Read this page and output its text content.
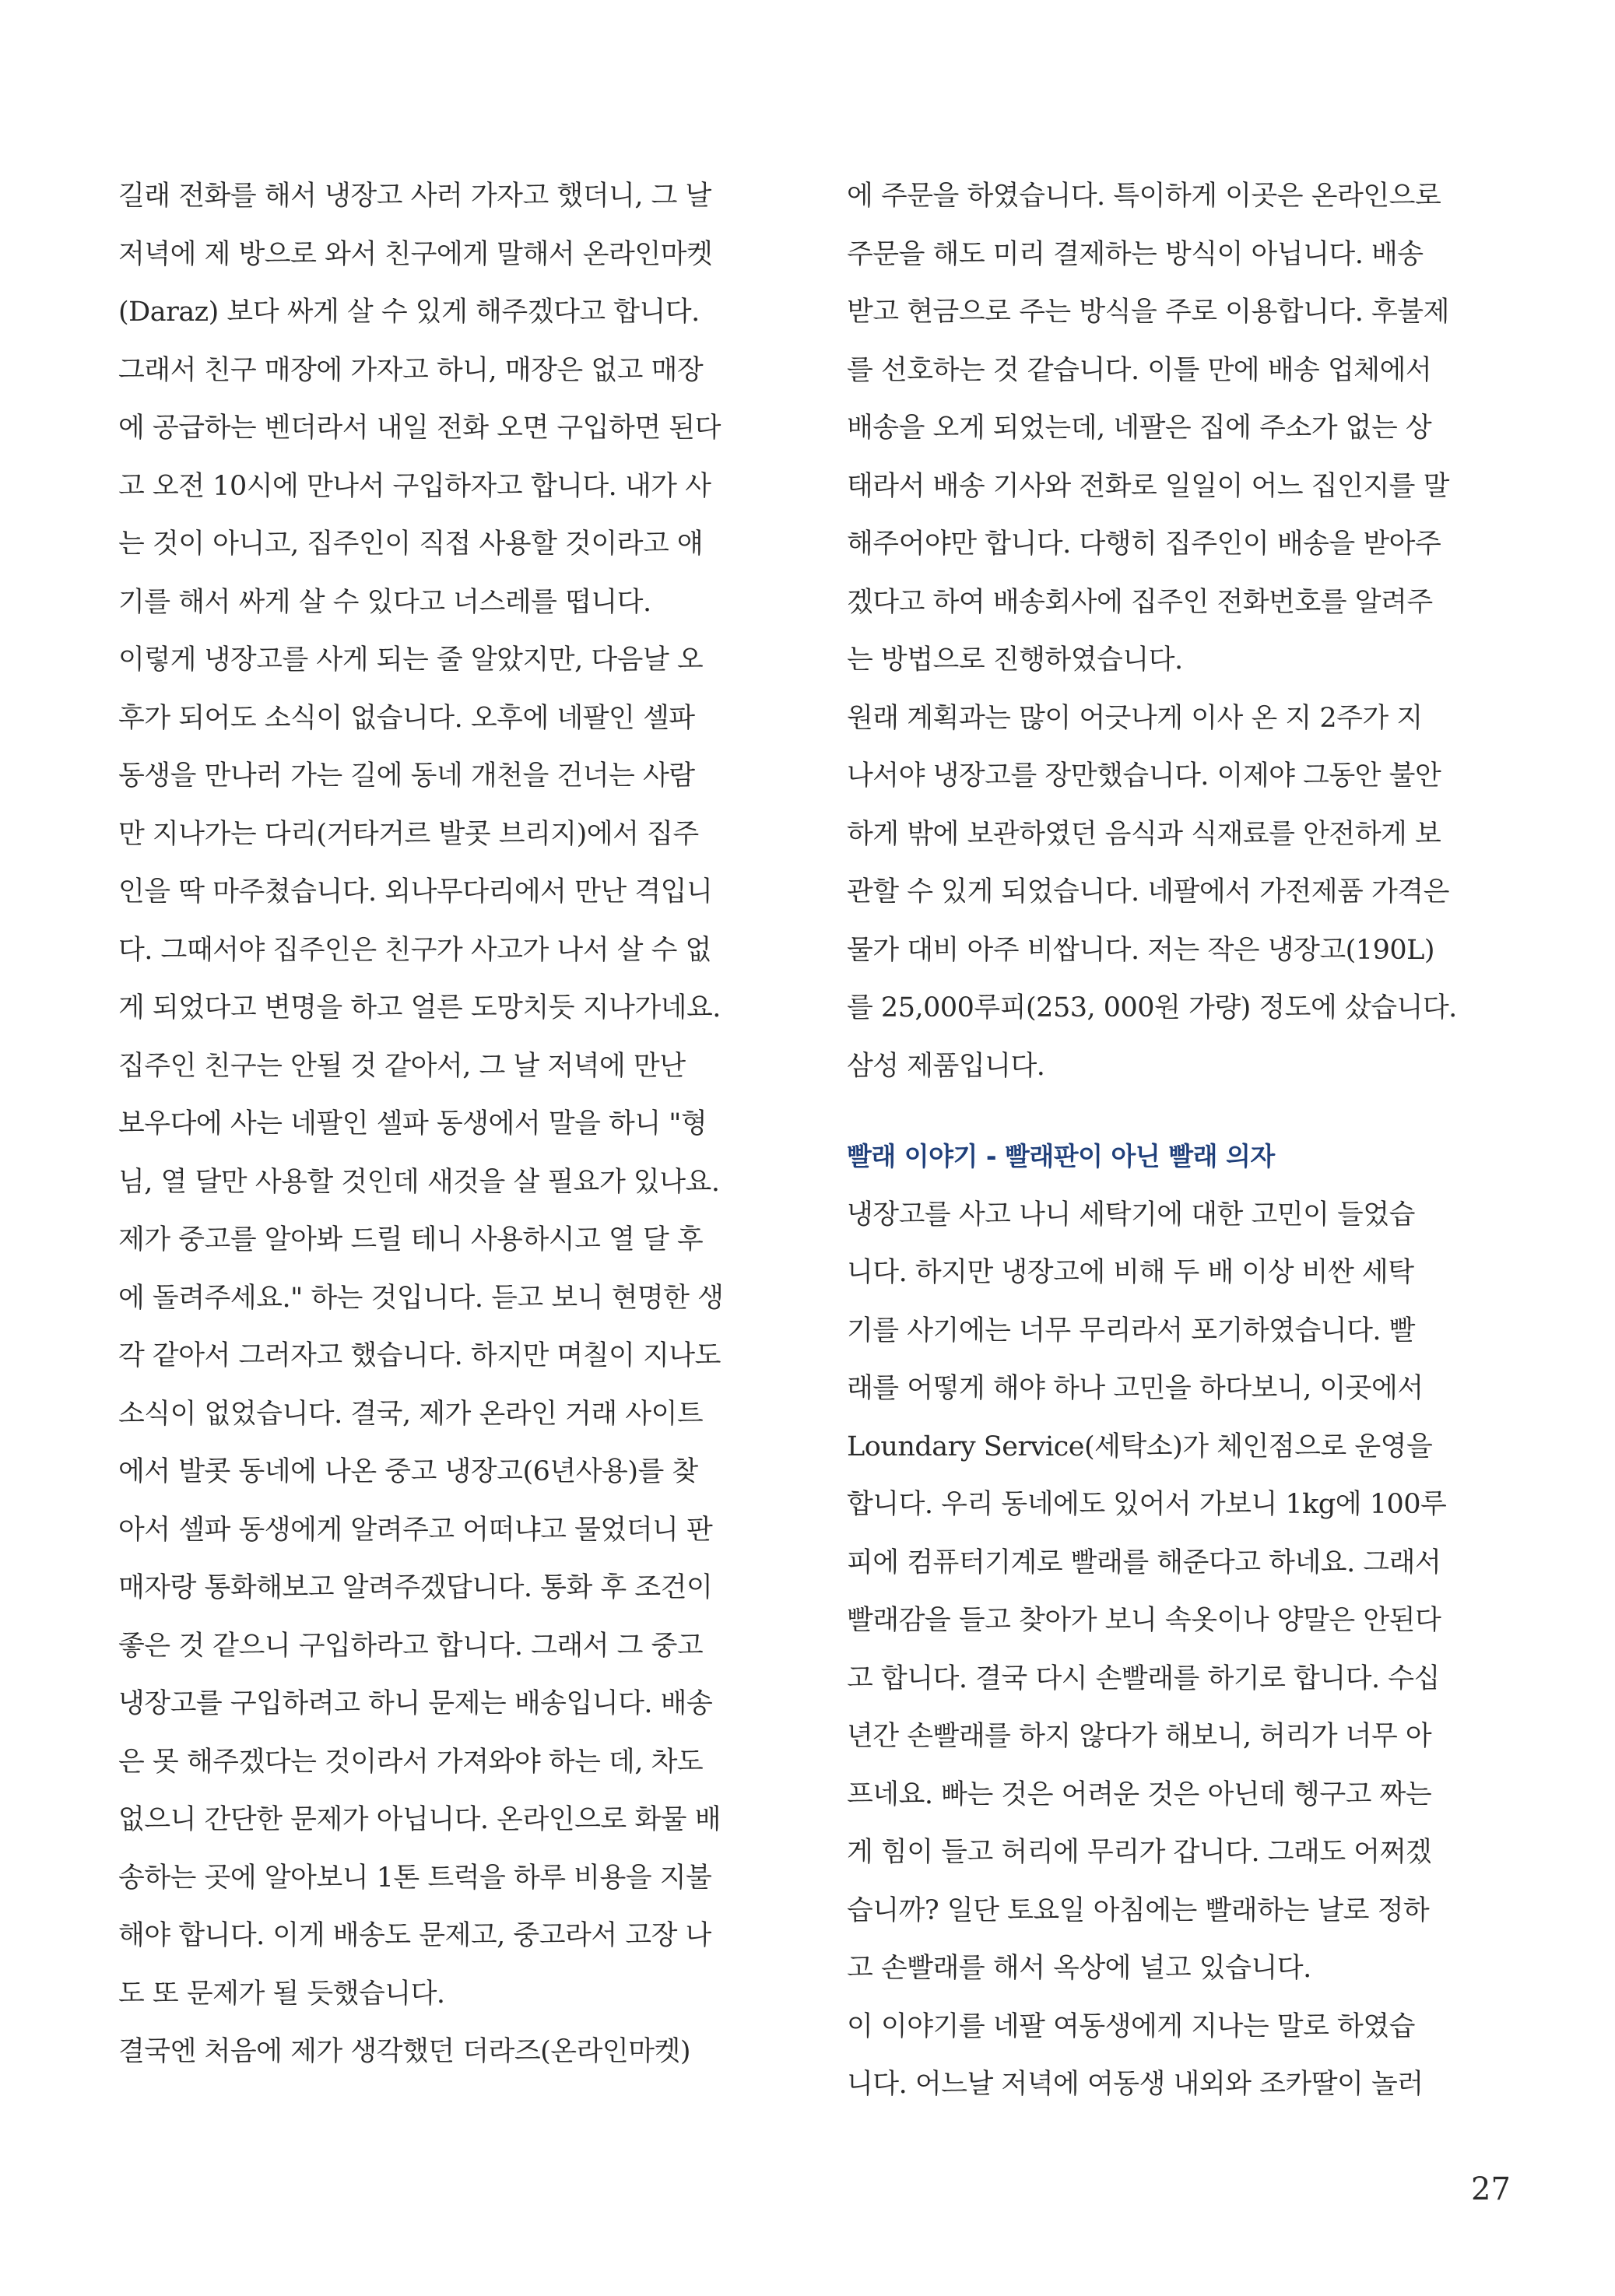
길래 전화를 해서 냉장고 사러 가자고 했더니, 그 날
저녁에 제 방으로 와서 친구에게 말해서 온라인마켓
(Daraz) 보다 싸게 살 수 있게 해주겠다고 합니다.
그래서 친구 매장에 가자고 하니, 매장은 없고 매장
에 공급하는 벤더라서 내일 전화 오면 구입하면 된다
고 오전 10시에 만나서 구입하자고 합니다. 내가 사
는 것이 아니고, 집주인이 직접 사용할 것이라고 얘
기를 해서 싸게 살 수 있다고 너스레를 떱니다.
이렇게 냉장고를 사게 되는 줄 알았지만, 다음날 오
후가 되어도 소식이 없습니다. 오후에 네팔인 셀파
동생을 만나러 가는 길에 동네 개천을 건너는 사람
만 지나가는 다리(거타거르 발콧 브리지)에서 집주
인을 딱 마주쳤습니다. 외나무다리에서 만난 격입니
다. 그때서야 집주인은 친구가 사고가 나서 살 수 없
게 되었다고 변명을 하고 얼른 도망치듯 지나가네요.
집주인 친구는 안될 것 같아서, 그 날 저녁에 만난
보우다에 사는 네팔인 셀파 동생에서 말을 하니 "형
님, 열 달만 사용할 것인데 새것을 살 필요가 있나요.
제가 중고를 알아봐 드릴 테니 사용하시고 열 달 후
에 돌려주세요." 하는 것입니다. 듣고 보니 현명한 생
각 같아서 그러자고 했습니다. 하지만 며칠이 지나도
소식이 없었습니다. 결국, 제가 온라인 거래 사이트
에서 발콧 동네에 나온 중고 냉장고(6년사용)를 찾
아서 셀파 동생에게 알려주고 어떠냐고 물었더니 판
매자랑 통화해보고 알려주겠답니다. 통화 후 조건이
좋은 것 같으니 구입하라고 합니다. 그래서 그 중고
냉장고를 구입하려고 하니 문제는 배송입니다. 배송
은 못 해주겠다는 것이라서 가져와야 하는 데, 차도
없으니 간단한 문제가 아닙니다. 온라인으로 화물 배
송하는 곳에 알아보니 1톤 트럭을 하루 비용을 지불
해야 합니다. 이게 배송도 문제고, 중고라서 고장 나
도 또 문제가 될 듯했습니다.
결국엔 처음에 제가 생각했던 더라즈(온라인마켓)
에 주문을 하였습니다. 특이하게 이곳은 온라인으로
주문을 해도 미리 결제하는 방식이 아닙니다. 배송
받고 현금으로 주는 방식을 주로 이용합니다. 후불제
를 선호하는 것 같습니다. 이틀 만에 배송 업체에서
배송을 오게 되었는데, 네팔은 집에 주소가 없는 상
태라서 배송 기사와 전화로 일일이 어느 집인지를 말
해주어야만 합니다. 다행히 집주인이 배송을 받아주
겠다고 하여 배송회사에 집주인 전화번호를 알려주
는 방법으로 진행하였습니다.
원래 계획과는 많이 어긋나게 이사 온 지 2주가 지
나서야 냉장고를 장만했습니다. 이제야 그동안 불안
하게 밖에 보관하였던 음식과 식재료를 안전하게 보
관할 수 있게 되었습니다. 네팔에서 가전제품 가격은
물가 대비 아주 비쌉니다. 저는 작은 냉장고(190L)
를 25,000루피(253, 000원 가량) 정도에 샀습니다.
삼성 제품입니다.
빨래 이야기 - 빨래판이 아닌 빨래 의자
냉장고를 사고 나니 세탁기에 대한 고민이 들었습
니다. 하지만 냉장고에 비해 두 배 이상 비싼 세탁
기를 사기에는 너무 무리라서 포기하였습니다. 빨
래를 어떻게 해야 하나 고민을 하다보니, 이곳에서
Loundary Service(세탁소)가 체인점으로 운영을
합니다. 우리 동네에도 있어서 가보니 1kg에 100루
피에 컴퓨터기계로 빨래를 해준다고 하네요. 그래서
빨래감을 들고 찾아가 보니 속옷이나 양말은 안된다
고 합니다. 결국 다시 손빨래를 하기로 합니다. 수십
년간 손빨래를 하지 않다가 해보니, 허리가 너무 아
프네요. 빠는 것은 어려운 것은 아닌데 헹구고 짜는
게 힘이 들고 허리에 무리가 갑니다. 그래도 어쩌겠
습니까? 일단 토요일 아침에는 빨래하는 날로 정하
고 손빨래를 해서 옥상에 널고 있습니다.
이 이야기를 네팔 여동생에게 지나는 말로 하였습
니다. 어느날 저녁에 여동생 내외와 조카딸이 놀러
27
